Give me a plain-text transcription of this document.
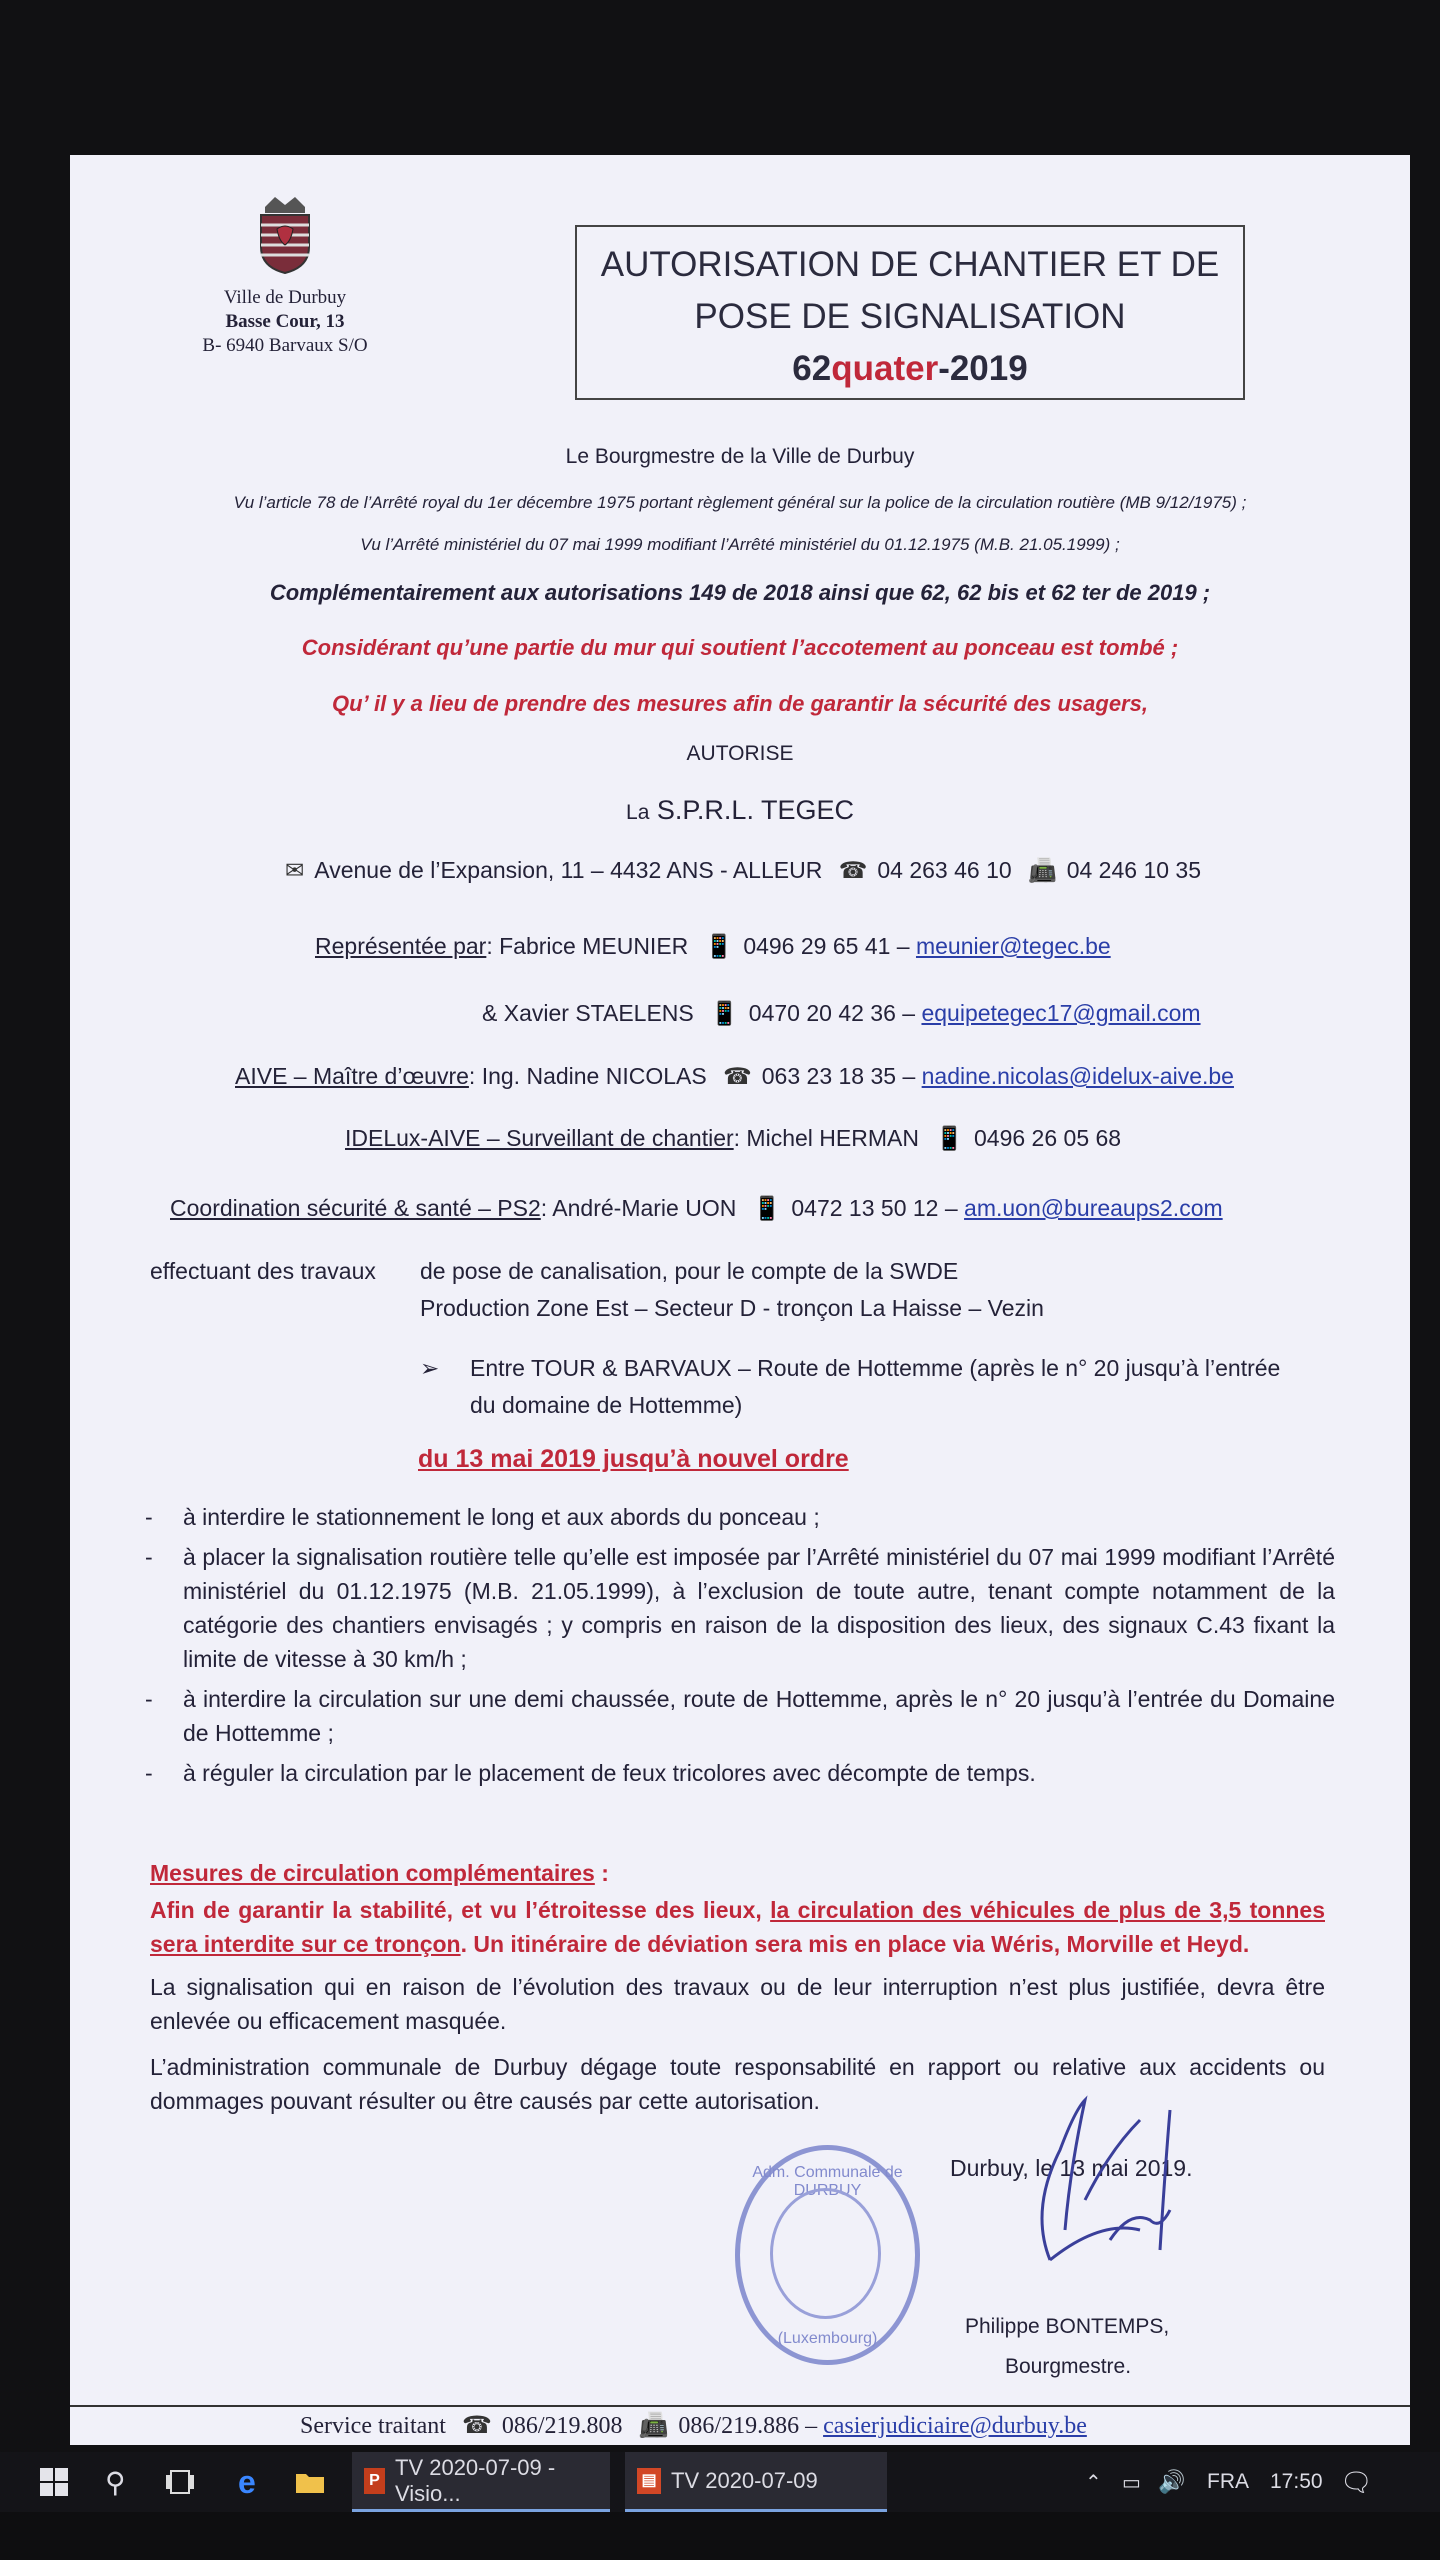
Ville de Durbuy
Basse Cour, 13
B- 6940 Barvaux S/O
AUTORISATION DE CHANTIER ET DE
POSE DE SIGNALISATION
62quater-2019
Le Bourgmestre de la Ville de Durbuy
Vu l’article 78 de l’Arrêté royal du 1er décembre 1975 portant règlement général sur la police de la circulation routière (MB 9/12/1975) ;
Vu l’Arrêté ministériel du 07 mai 1999 modifiant l’Arrêté ministériel du 01.12.1975 (M.B. 21.05.1999) ;
Complémentairement aux autorisations 149 de 2018 ainsi que 62, 62 bis et 62 ter de 2019 ;
Considérant qu’une partie du mur qui soutient l’accotement au ponceau est tombé ;
Qu’ il y a lieu de prendre des mesures afin de garantir la sécurité des usagers,
AUTORISE
La S.P.R.L. TEGEC
✉ Avenue de l’Expansion, 11 – 4432 ANS - ALLEUR ☎ 04 263 46 10 📠 04 246 10 35
Représentée par: Fabrice MEUNIER 📱 0496 29 65 41 – meunier@tegec.be
& Xavier STAELENS 📱 0470 20 42 36 – equipetegec17@gmail.com
AIVE – Maître d’œuvre: Ing. Nadine NICOLAS ☎ 063 23 18 35 – nadine.nicolas@idelux-aive.be
IDELux-AIVE – Surveillant de chantier: Michel HERMAN 📱 0496 26 05 68
Coordination sécurité & santé – PS2: André-Marie UON 📱 0472 13 50 12 – am.uon@bureaups2.com
effectuant des travaux de pose de canalisation, pour le compte de la SWDE
Production Zone Est – Secteur D - tronçon La Haisse – Vezin
➢ Entre TOUR & BARVAUX – Route de Hottemme (après le n° 20 jusqu’à l’entrée
du domaine de Hottemme)
du 13 mai 2019 jusqu’à nouvel ordre
-	à interdire le stationnement le long et aux abords du ponceau ;
-	à placer la signalisation routière telle qu’elle est imposée par l’Arrêté ministériel du 07 mai 1999 modifiant l’Arrêté ministériel du 01.12.1975 (M.B. 21.05.1999), à l’exclusion de toute autre, tenant compte notamment de la catégorie des chantiers envisagés ; y compris en raison de la disposition des lieux, des signaux C.43 fixant la limite de vitesse à 30 km/h ;
-	à interdire la circulation sur une demi chaussée, route de Hottemme, après le n° 20 jusqu’à l’entrée du Domaine de Hottemme ;
-	à réguler la circulation par le placement de feux tricolores avec décompte de temps.
Mesures de circulation complémentaires :
Afin de garantir la stabilité, et vu l’étroitesse des lieux, la circulation des véhicules de plus de 3,5 tonnes sera interdite sur ce tronçon. Un itinéraire de déviation sera mis en place via Wéris, Morville et Heyd.
La signalisation qui en raison de l’évolution des travaux ou de leur interruption n’est plus justifiée, devra être enlevée ou efficacement masquée.
L’administration communale de Durbuy dégage toute responsabilité en rapport ou relative aux accidents ou dommages pouvant résulter ou être causés par cette autorisation.
Durbuy, le 13 mai 2019.
Adm. Communale de DURBUY
(Luxembourg)
Philippe BONTEMPS,
Bourgmestre.
Service traitant ☎ 086/219.808 📠 086/219.886 – casierjudiciaire@durbuy.be
⚲	e	P
TV 2020-07-09 - Visio...
▤ TV 2020-07-09	⌃ ▭ 🔊 FRA 17:50 🗨
